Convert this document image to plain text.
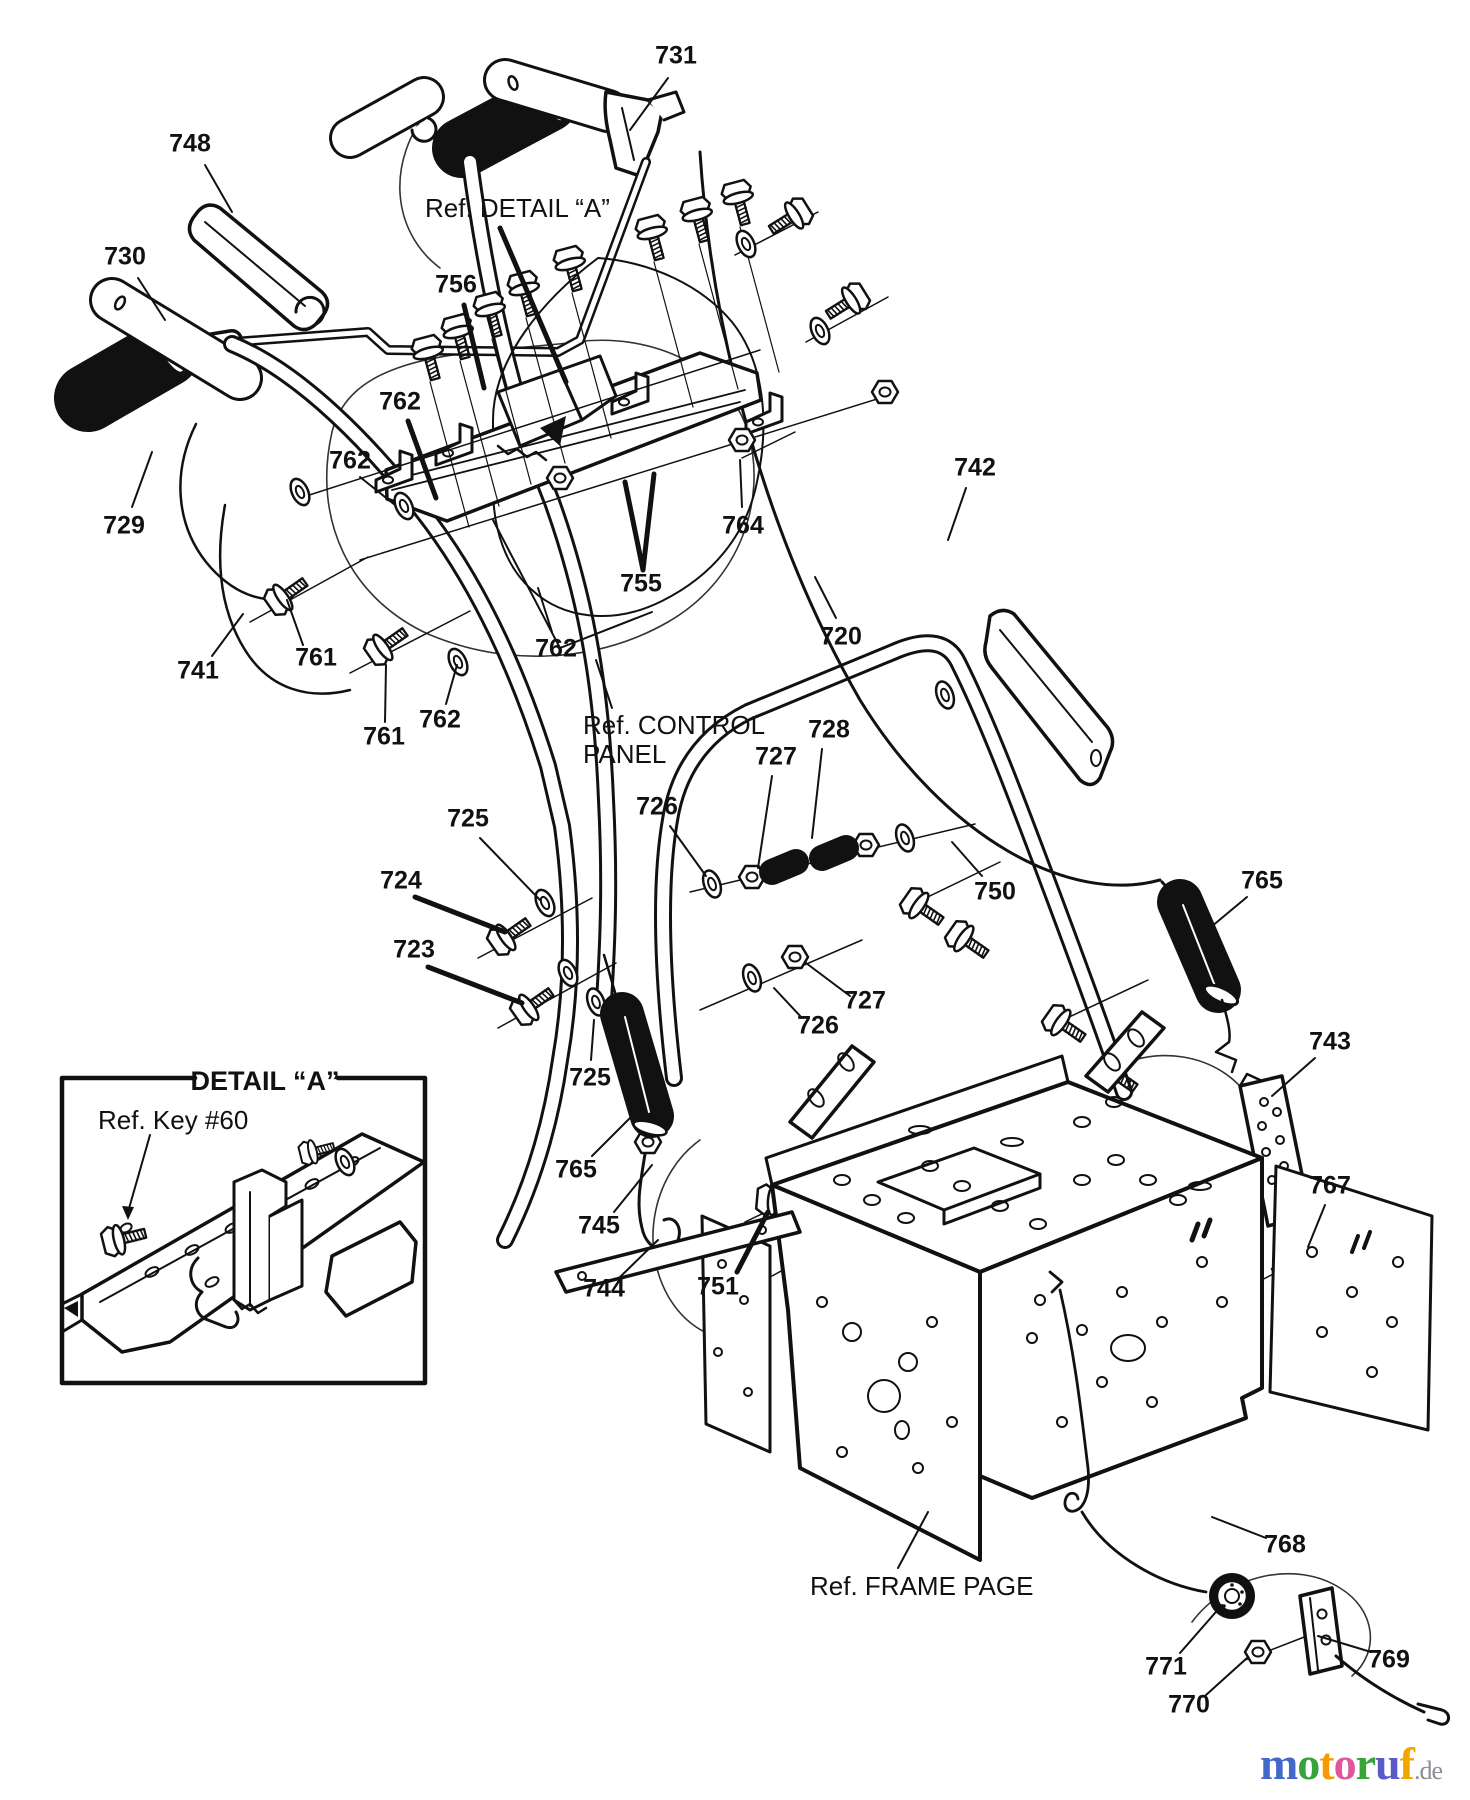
731
748
730
729
756
762
762
764
755
742
720
728
727
726
750	765
743
767
725
724
723
762
762
761
761
741
727
726
725
765
745
744	751
768
771
770
769
Ref. DETAIL “A”
Ref. CONTROL
PANEL
Ref. FRAME PAGE
DETAIL “A”
Ref. Key #60
motoruf.de
